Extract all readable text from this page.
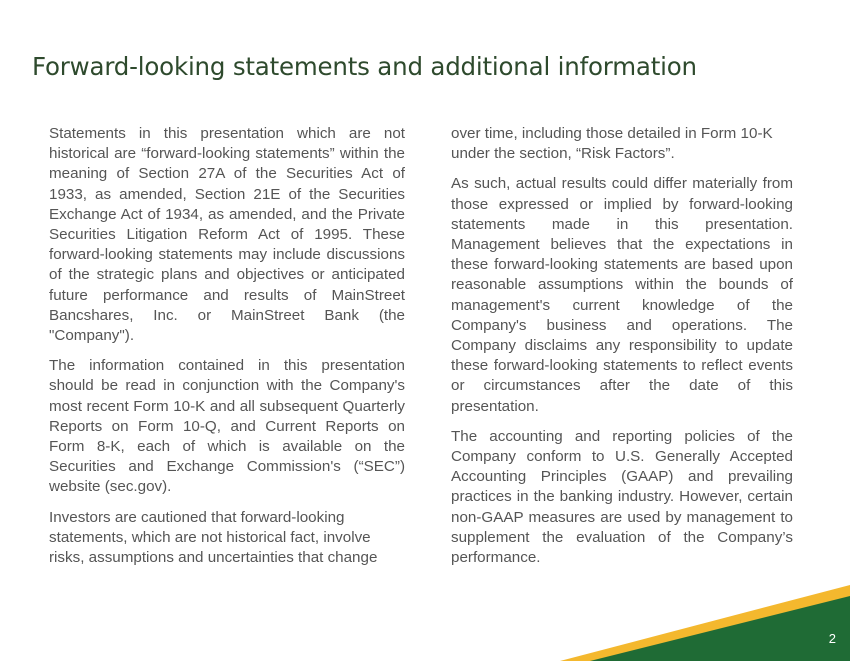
Forward-looking statements and additional information

Statements in this presentation which are not historical are “forward-looking statements” within the meaning of Section 27A of the Securities Act of 1933, as amended, Section 21E of the Securities Exchange Act of 1934, as amended, and the Private Securities Litigation Reform Act of 1995. These forward-looking statements may include discussions of the strategic plans and objectives or anticipated future performance and results of MainStreet Bancshares, Inc. or MainStreet Bank (the "Company").

The information contained in this presentation should be read in conjunction with the Company's most recent Form 10-K and all subsequent Quarterly Reports on Form 10-Q, and Current Reports on Form 8-K, each of which is available on the Securities and Exchange Commission's (“SEC”) website (sec.gov).

Investors are cautioned that forward-looking statements, which are not historical fact, involve risks, assumptions and uncertainties that change

over time, including those detailed in Form 10-K under the section, “Risk Factors”.

As such, actual results could differ materially from those expressed or implied by forward-looking statements made in this presentation. Management believes that the expectations in these forward-looking statements are based upon reasonable assumptions within the bounds of management's current knowledge of the Company's business and operations. The Company disclaims any responsibility to update these forward-looking statements to reflect events or circumstances after the date of this presentation.

The accounting and reporting policies of the Company conform to U.S. Generally Accepted Accounting Principles (GAAP) and prevailing practices in the banking industry. However, certain non-GAAP measures are used by management to supplement the evaluation of the Company’s performance.

2
